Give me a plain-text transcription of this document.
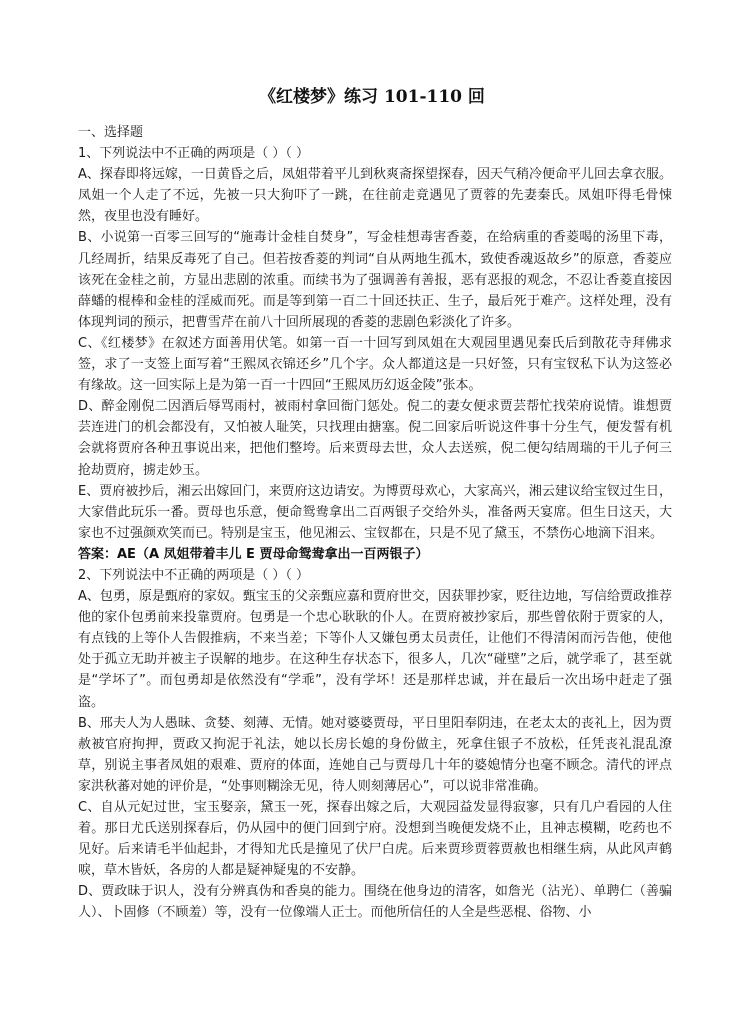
《红楼梦》练习 101-110 回

一、选择题

1、下列说法中不正确的两项是（ ）（ ）

A、探春即将远嫁，一日黄昏之后，凤姐带着平儿到秋爽斋探望探春，因天气稍冷便命平儿回去拿衣服。凤姐一个人走了不远，先被一只大狗吓了一跳，在往前走竟遇见了贾蓉的先妻秦氏。凤姐吓得毛骨悚然，夜里也没有睡好。

B、小说第一百零三回写的“施毒计金桂自焚身”，写金桂想毒害香菱，在给病重的香菱喝的汤里下毒，几经周折，结果反毒死了自己。但若按香菱的判词“自从两地生孤木，致使香魂返故乡”的原意，香菱应该死在金桂之前，方显出悲剧的浓重。而续书为了强调善有善报，恶有恶报的观念，不忍让香菱直接因薛蟠的棍棒和金桂的淫威而死。而是等到第一百二十回还扶正、生子，最后死于难产。这样处理，没有体现判词的预示，把曹雪芹在前八十回所展现的香菱的悲剧色彩淡化了许多。

C、《红楼梦》在叙述方面善用伏笔。如第一百一十回写到凤姐在大观园里遇见秦氏后到散花寺拜佛求签，求了一支签上面写着“王熙凤衣锦还乡”几个字。众人都道这是一只好签，只有宝钗私下认为这签必有缘故。这一回实际上是为第一百一十四回“王熙凤历幻返金陵”张本。

D、醉金刚倪二因酒后辱骂雨村，被雨村拿回衙门惩处。倪二的妻女便求贾芸帮忙找荣府说情。谁想贾芸连进门的机会都没有，又怕被人耻笑，只找理由搪塞。倪二回家后听说这件事十分生气，便发誓有机会就将贾府各种丑事说出来，把他们整垮。后来贾母去世，众人去送殡，倪二便勾结周瑞的干儿子何三抢劫贾府，掳走妙玉。

E、贾府被抄后，湘云出嫁回门，来贾府这边请安。为博贾母欢心，大家高兴，湘云建议给宝钗过生日，大家借此玩乐一番。贾母也乐意，便命鸳鸯拿出二百两银子交给外头，准备两天宴席。但生日这天，大家也不过强颜欢笑而已。特别是宝玉，他见湘云、宝钗都在，只是不见了黛玉，不禁伤心地滴下泪来。

答案：AE（A 凤姐带着丰儿 E 贾母命鸳鸯拿出一百两银子）

2、下列说法中不正确的两项是（ ）（ ）

A、包勇，原是甄府的家奴。甄宝玉的父亲甄应嘉和贾府世交，因获罪抄家，贬往边地，写信给贾政推荐他的家仆包勇前来投靠贾府。包勇是一个忠心耿耿的仆人。在贾府被抄家后，那些曾依附于贾家的人，有点钱的上等仆人告假推病，不来当差；下等仆人又嫌包勇太员责任，让他们不得清闲而污告他，使他处于孤立无助并被主子误解的地步。在这种生存状态下，很多人，几次“碰壁”之后，就学乖了，甚至就是“学坏了”。而包勇却是依然没有“学乖”，没有学坏！还是那样忠诚，并在最后一次出场中赶走了强盗。

B、邢夫人为人愚昧、贪婪、刻薄、无情。她对婆婆贾母，平日里阳奉阴违，在老太太的丧礼上，因为贾赦被官府拘押，贾政又拘泥于礼法，她以长房长媳的身份做主，死拿住银子不放松，任凭丧礼混乱潦草，别说主事者凤姐的艰难、贾府的体面，连她自己与贾母几十年的婆媳情分也毫不顾念。清代的评点家洪秋蕃对她的评价是，“处事则糊涂无见，待人则刻薄居心”，可以说非常准确。

C、自从元妃过世，宝玉娶亲，黛玉一死，探春出嫁之后，大观园益发显得寂寥，只有几户看园的人住着。那日尤氏送别探春后，仍从园中的便门回到宁府。没想到当晚便发烧不止，且神志模糊，吃药也不见好。后来请毛半仙起卦，才得知尤氏是撞见了伏尸白虎。后来贾珍贾蓉贾赦也相继生病，从此风声鹤唳，草木皆妖，各房的人都是疑神疑鬼的不安静。

D、贾政昧于识人，没有分辨真伪和香臭的能力。围绕在他身边的清客，如詹光（沾光）、单聘仁（善骗人）、卜固修（不顾羞）等，没有一位像端人正士。而他所信任的人全是些恶棍、俗物、小
